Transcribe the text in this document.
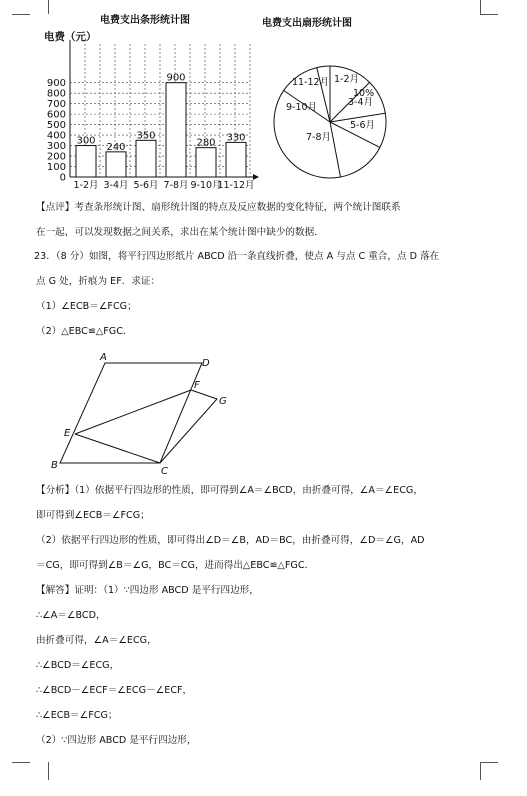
电费支出条形统计图
电费（元）
0
100
200
300
400
500
600
700
800
900
300
1-2月
240
3-4月
350
5-6月
900
7-8月
280
9-10月
330
11-12月
电费支出扇形统计图
1-2月
3-4月
10%
5-6月
7-8月
9-10月
11-12月
【点评】考查条形统计图、扇形统计图的特点及反应数据的变化特征，两个统计图联系
在一起，可以发现数据之间关系，求出在某个统计图中缺少的数据．
23．（8 分）如图，将平行四边形纸片 ABCD 沿一条直线折叠，使点 A 与点 C 重合，点 D 落在
点 G 处，折痕为 EF．求证：
（1）∠ECB＝∠FCG；
（2）△EBC≌△FGC．
A
D
F
G
E
B
C
【分析】（1）依据平行四边形的性质，即可得到∠A＝∠BCD，由折叠可得，∠A＝∠ECG，
即可得到∠ECB＝∠FCG；
（2）依据平行四边形的性质，即可得出∠D＝∠B，AD＝BC，由折叠可得，∠D＝∠G，AD
＝CG，即可得到∠B＝∠G，BC＝CG，进而得出△EBC≌△FGC．
【解答】证明：（1）∵四边形 ABCD 是平行四边形，
∴∠A＝∠BCD，
由折叠可得，∠A＝∠ECG，
∴∠BCD＝∠ECG，
∴∠BCD－∠ECF＝∠ECG－∠ECF，
∴∠ECB＝∠FCG；
（2）∵四边形 ABCD 是平行四边形，
